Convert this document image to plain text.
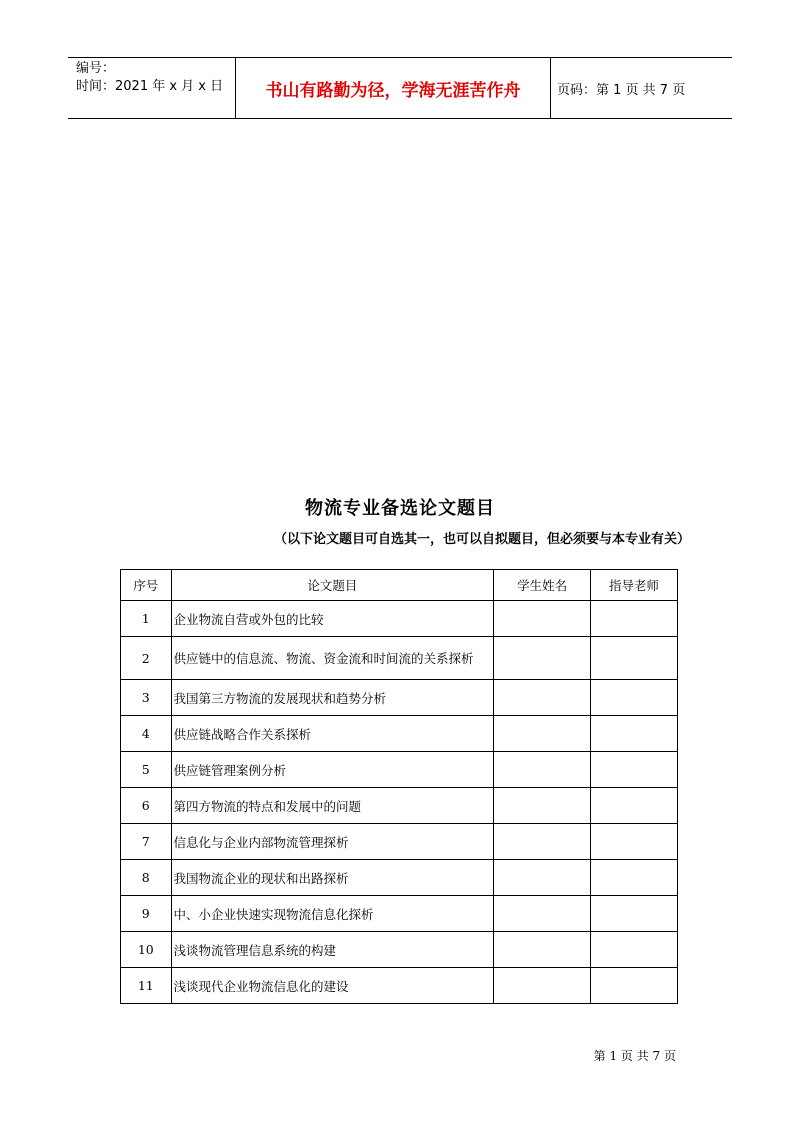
编号：
时间：2021 年 x 月 x 日	书山有路勤为径，学海无涯苦作舟	页码：第 1 页 共 7 页
物流专业备选论文题目
（以下论文题目可自选其一，也可以自拟题目，但必须要与本专业有关）
序号	论文题目	学生姓名	指导老师
1	企业物流自营或外包的比较		
2	供应链中的信息流、物流、资金流和时间流的关系探析		
3	我国第三方物流的发展现状和趋势分析		
4	供应链战略合作关系探析		
5	供应链管理案例分析		
6	第四方物流的特点和发展中的问题		
7	信息化与企业内部物流管理探析		
8	我国物流企业的现状和出路探析		
9	中、小企业快速实现物流信息化探析		
10	浅谈物流管理信息系统的构建		
11	浅谈现代企业物流信息化的建设		
第 1 页 共 7 页
